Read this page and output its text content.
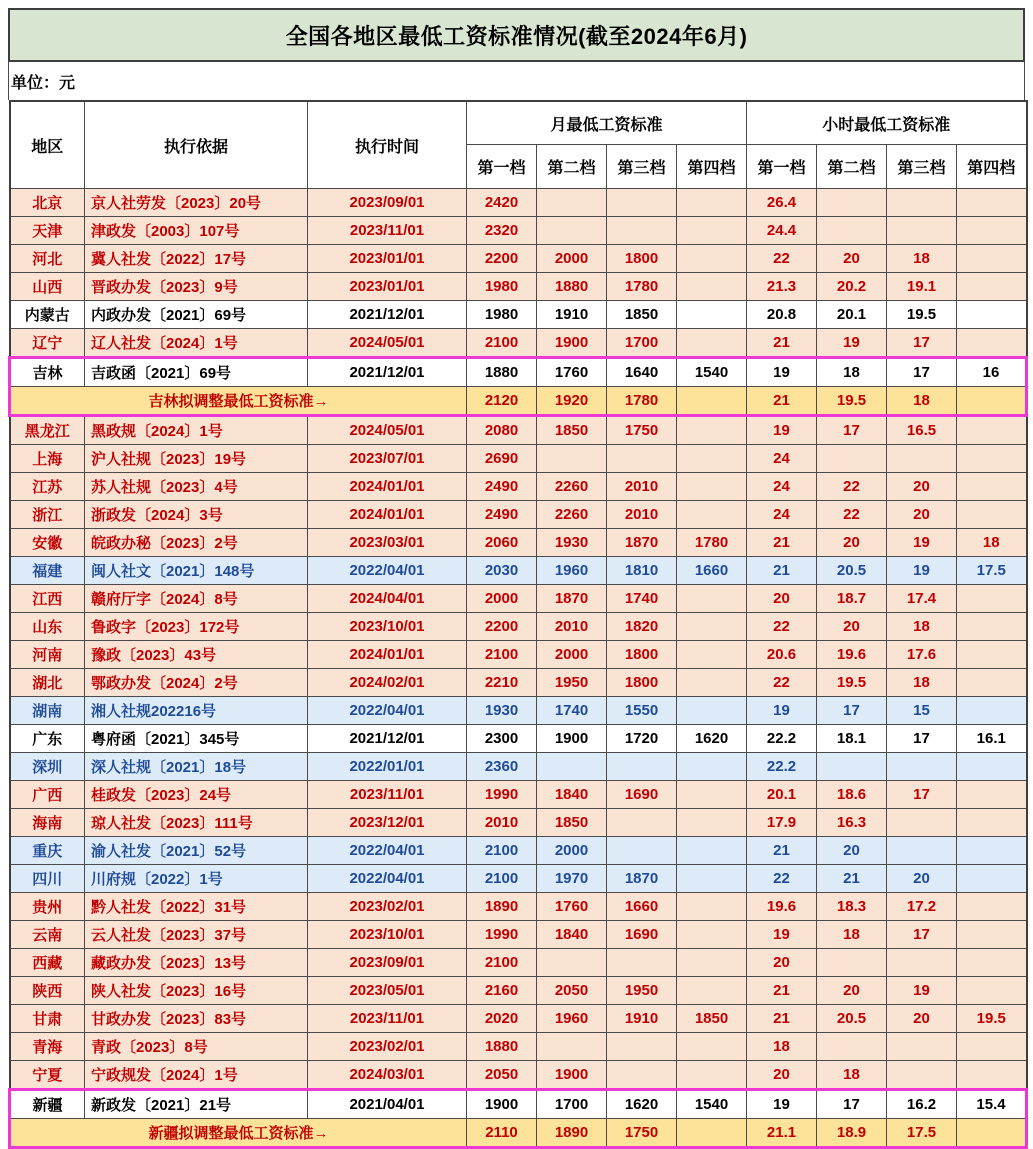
全国各地区最低工资标准情况(截至2024年6月)
单位：元
地区	执行依据	执行时间	月最低工资标准				小时最低工资标准			
			第一档	第二档	第三档	第四档	第一档	第二档	第三档	第四档
北京	京人社劳发〔2023〕20号	2023/09/01	2420				26.4			
天津	津政发〔2003〕107号	2023/11/01	2320				24.4			
河北	冀人社发〔2022〕17号	2023/01/01	2200	2000	1800		22	20	18	
山西	晋政办发〔2023〕9号	2023/01/01	1980	1880	1780		21.3	20.2	19.1	
内蒙古	内政办发〔2021〕69号	2021/12/01	1980	1910	1850		20.8	20.1	19.5	
辽宁	辽人社发〔2024〕1号	2024/05/01	2100	1900	1700		21	19	17	
吉林	吉政函〔2021〕69号	2021/12/01	1880	1760	1640	1540	19	18	17	16
吉林拟调整最低工资标准→			2120	1920	1780		21	19.5	18	
黑龙江	黑政规〔2024〕1号	2024/05/01	2080	1850	1750		19	17	16.5	
上海	沪人社规〔2023〕19号	2023/07/01	2690				24			
江苏	苏人社规〔2023〕4号	2024/01/01	2490	2260	2010		24	22	20	
浙江	浙政发〔2024〕3号	2024/01/01	2490	2260	2010		24	22	20	
安徽	皖政办秘〔2023〕2号	2023/03/01	2060	1930	1870	1780	21	20	19	18
福建	闽人社文〔2021〕148号	2022/04/01	2030	1960	1810	1660	21	20.5	19	17.5
江西	赣府厅字〔2024〕8号	2024/04/01	2000	1870	1740		20	18.7	17.4	
山东	鲁政字〔2023〕172号	2023/10/01	2200	2010	1820		22	20	18	
河南	豫政〔2023〕43号	2024/01/01	2100	2000	1800		20.6	19.6	17.6	
湖北	鄂政办发〔2024〕2号	2024/02/01	2210	1950	1800		22	19.5	18	
湖南	湘人社规202216号	2022/04/01	1930	1740	1550		19	17	15	
广东	粤府函〔2021〕345号	2021/12/01	2300	1900	1720	1620	22.2	18.1	17	16.1
深圳	深人社规〔2021〕18号	2022/01/01	2360				22.2			
广西	桂政发〔2023〕24号	2023/11/01	1990	1840	1690		20.1	18.6	17	
海南	琼人社发〔2023〕111号	2023/12/01	2010	1850			17.9	16.3		
重庆	渝人社发〔2021〕52号	2022/04/01	2100	2000			21	20		
四川	川府规〔2022〕1号	2022/04/01	2100	1970	1870		22	21	20	
贵州	黔人社发〔2022〕31号	2023/02/01	1890	1760	1660		19.6	18.3	17.2	
云南	云人社发〔2023〕37号	2023/10/01	1990	1840	1690		19	18	17	
西藏	藏政办发〔2023〕13号	2023/09/01	2100				20			
陕西	陕人社发〔2023〕16号	2023/05/01	2160	2050	1950		21	20	19	
甘肃	甘政办发〔2023〕83号	2023/11/01	2020	1960	1910	1850	21	20.5	20	19.5
青海	青政〔2023〕8号	2023/02/01	1880				18			
宁夏	宁政规发〔2024〕1号	2024/03/01	2050	1900			20	18		
新疆	新政发〔2021〕21号	2021/04/01	1900	1700	1620	1540	19	17	16.2	15.4
新疆拟调整最低工资标准→			2110	1890	1750		21.1	18.9	17.5	
